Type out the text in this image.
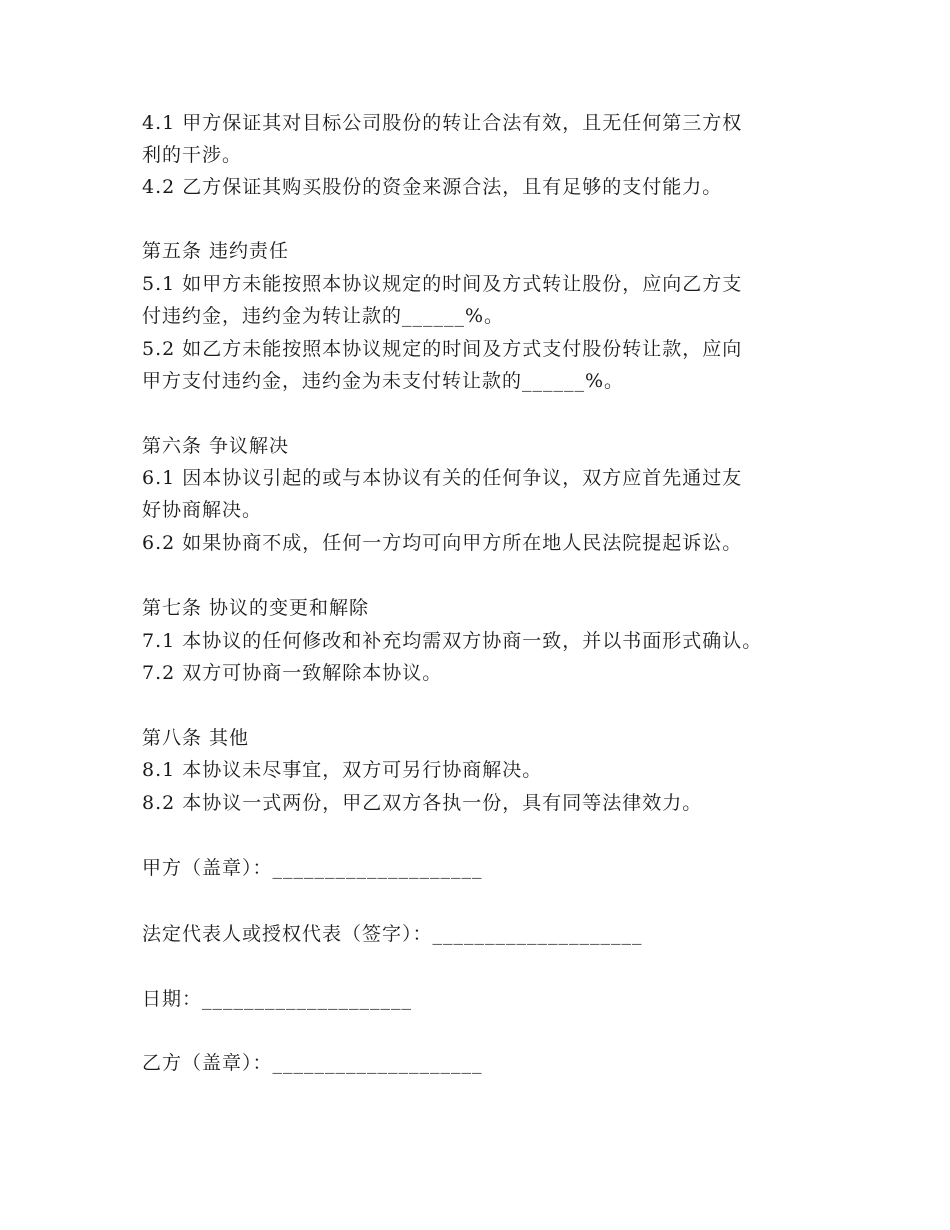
4.1 甲方保证其对目标公司股份的转让合法有效，且无任何第三方权
利的干涉。
4.2 乙方保证其购买股份的资金来源合法，且有足够的支付能力。
第五条 违约责任
5.1 如甲方未能按照本协议规定的时间及方式转让股份，应向乙方支
付违约金，违约金为转让款的______%。
5.2 如乙方未能按照本协议规定的时间及方式支付股份转让款，应向
甲方支付违约金，违约金为未支付转让款的______%。
第六条 争议解决
6.1 因本协议引起的或与本协议有关的任何争议，双方应首先通过友
好协商解决。
6.2 如果协商不成，任何一方均可向甲方所在地人民法院提起诉讼。
第七条 协议的变更和解除
7.1 本协议的任何修改和补充均需双方协商一致，并以书面形式确认。
7.2 双方可协商一致解除本协议。
第八条 其他
8.1 本协议未尽事宜，双方可另行协商解决。
8.2 本协议一式两份，甲乙双方各执一份，具有同等法律效力。
甲方（盖章）：____________________
法定代表人或授权代表（签字）：____________________
日期：____________________
乙方（盖章）：____________________
